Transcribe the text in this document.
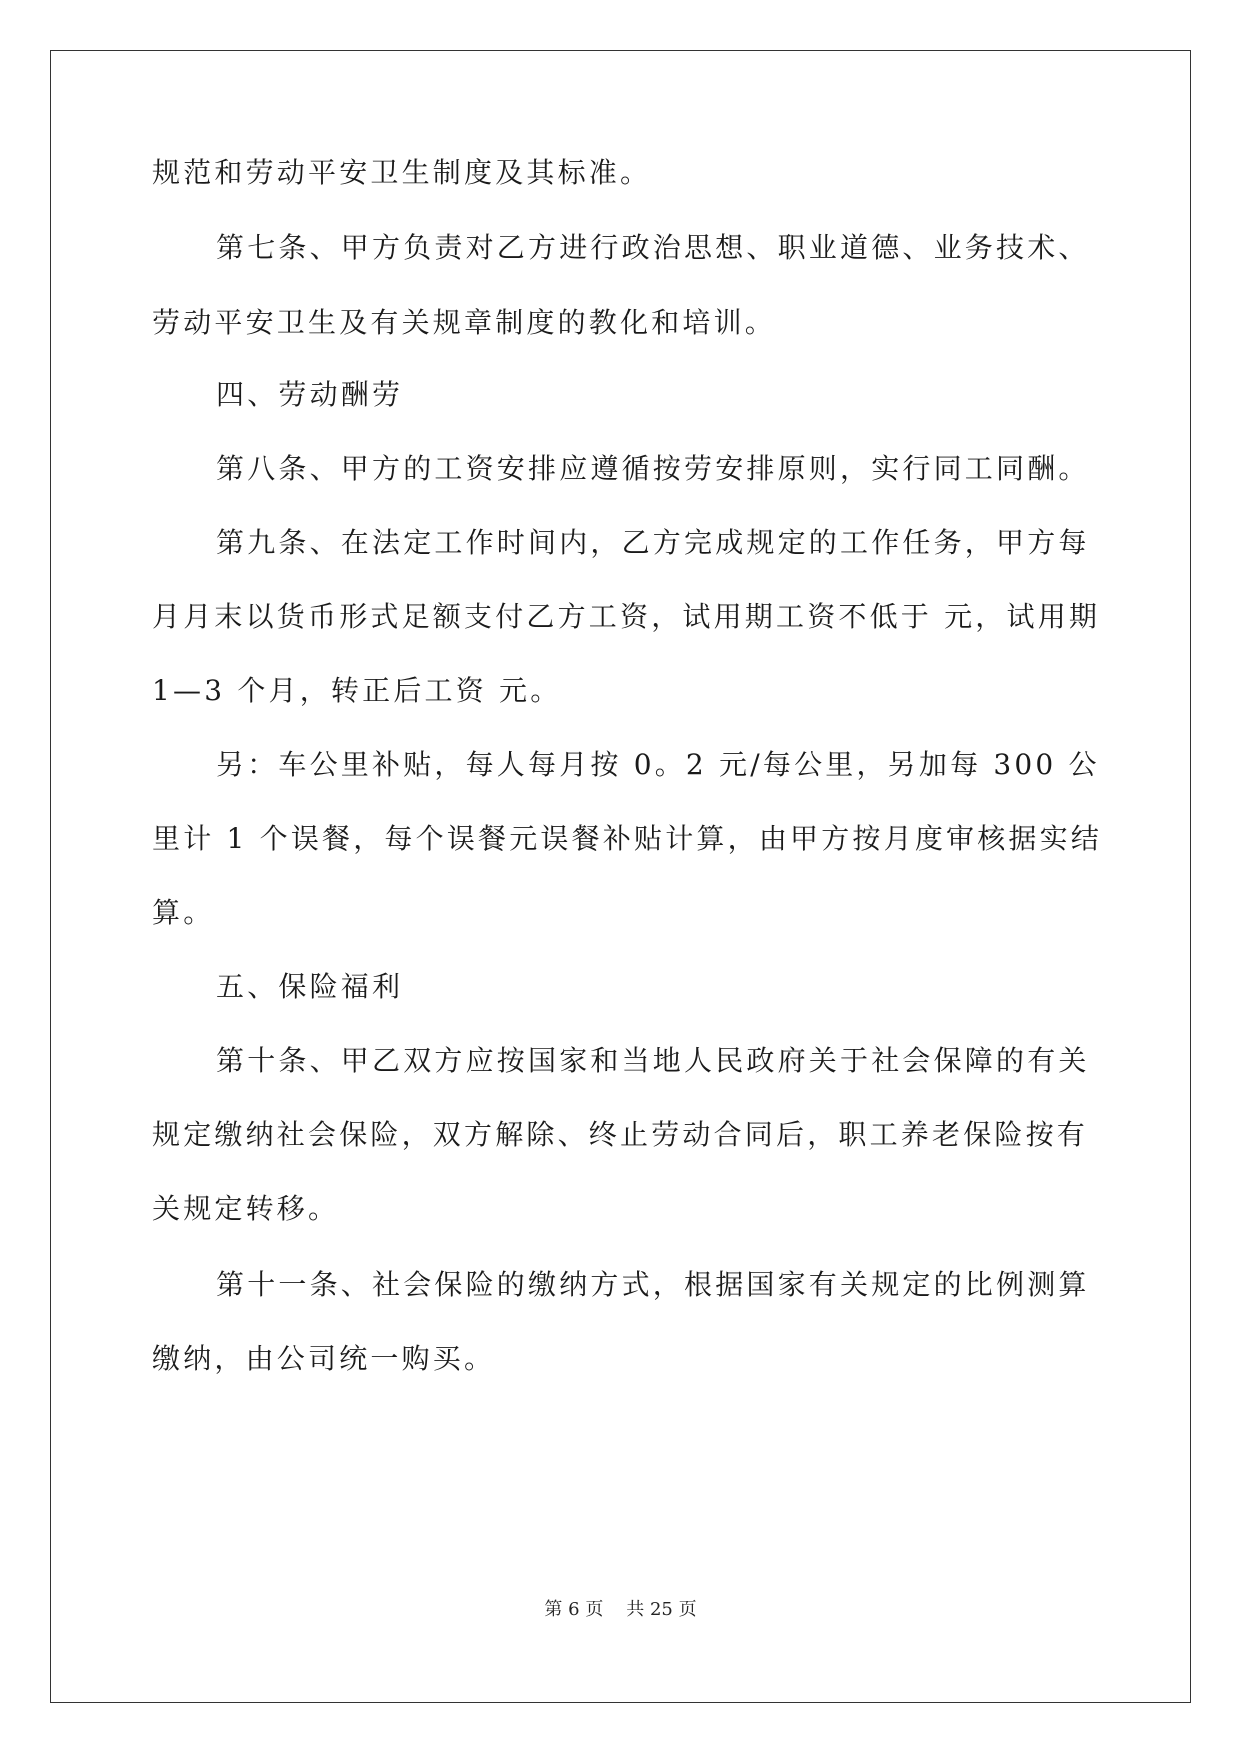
规范和劳动平安卫生制度及其标准。
第七条、甲方负责对乙方进行政治思想、职业道德、业务技术、
劳动平安卫生及有关规章制度的教化和培训。
四、劳动酬劳
第八条、甲方的工资安排应遵循按劳安排原则，实行同工同酬。
第九条、在法定工作时间内，乙方完成规定的工作任务，甲方每
月月末以货币形式足额支付乙方工资，试用期工资不低于 元，试用期
1—3 个月，转正后工资 元。
另：车公里补贴，每人每月按 0。2 元/每公里，另加每 300 公
里计 1 个误餐，每个误餐元误餐补贴计算，由甲方按月度审核据实结
算。
五、保险福利
第十条、甲乙双方应按国家和当地人民政府关于社会保障的有关
规定缴纳社会保险，双方解除、终止劳动合同后，职工养老保险按有
关规定转移。
第十一条、社会保险的缴纳方式，根据国家有关规定的比例测算
缴纳，由公司统一购买。
第 6 页 共 25 页
